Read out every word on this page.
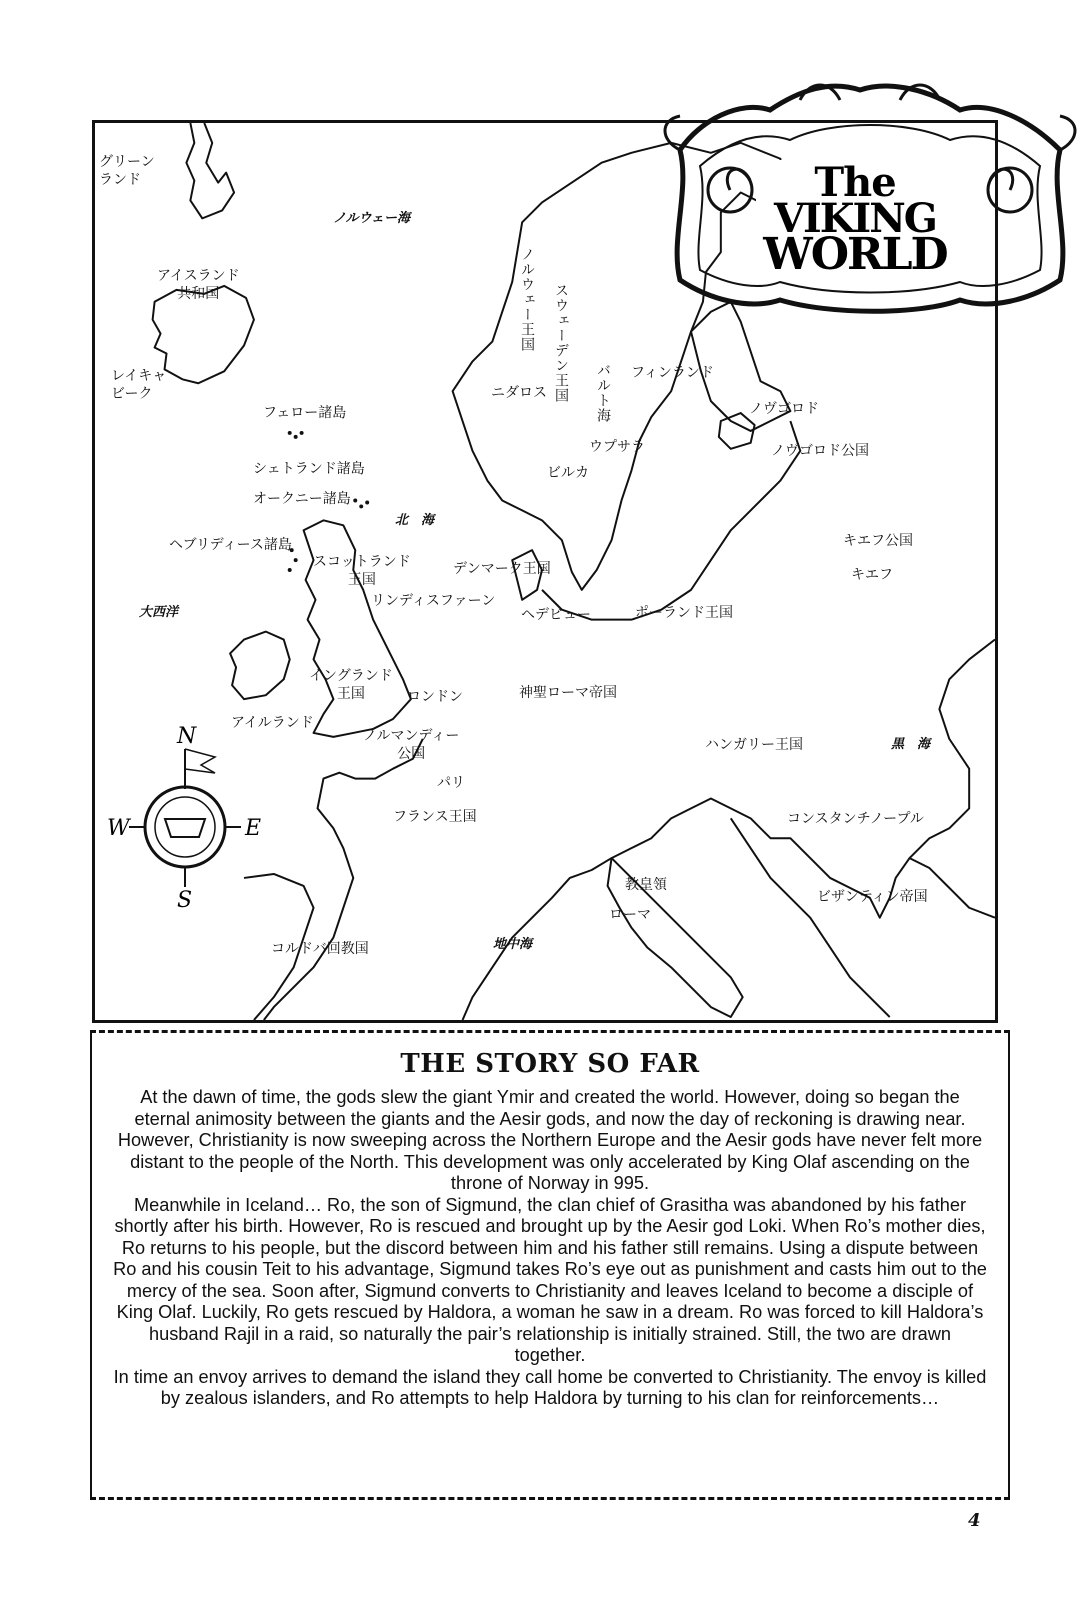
グリーン
ランド
ノルウェー海
アイスランド
共和国
レイキャ
ビーク
フェロー諸島
シェトランド諸島
オークニー諸島
ヘブリディース諸島
北　海
大西洋
スコットランド
王国
リンディスファーン
デンマーク王国
ヘデビュー	ポーランド王国
ノルウェー王国 スウェーデン王国 バルト海
ニダロス
ウプサラ
ビルカ
フィンランド
ノヴゴロド
ノヴゴロド公国
キエフ公国
キエフ
イングランド
王国	ロンドン
アイルランド
ノルマンディー
公国
パリ
神聖ローマ帝国
ハンガリー王国	黒　海
フランス王国	コンスタンチノープル
教皇領
ローマ
ビザンティン帝国
コルドバ回教国	地中海
N
S
W	E
The
VIKING
WORLD
THE STORY SO FAR

At the dawn of time, the gods slew the giant Ymir and created the world. However, doing so began the eternal animosity between the giants and the Aesir gods, and now the day of reckoning is drawing near.

However, Christianity is now sweeping across the Northern Europe and the Aesir gods have never felt more distant to the people of the North. This development was only accelerated by King Olaf ascending on the throne of Norway in 995.

Meanwhile in Iceland… Ro, the son of Sigmund, the clan chief of Grasitha was abandoned by his father shortly after his birth. However, Ro is rescued and brought up by the Aesir god Loki. When Ro’s mother dies, Ro returns to his people, but the discord between him and his father still remains. Using a dispute between Ro and his cousin Teit to his advantage, Sigmund takes Ro’s eye out as punishment and casts him out to the mercy of the sea. Soon after, Sigmund converts to Christianity and leaves Iceland to become a disciple of King Olaf. Luckily, Ro gets rescued by Haldora, a woman he saw in a dream. Ro was forced to kill Haldora’s husband Rajil in a raid, so naturally the pair’s relationship is initially strained. Still, the two are drawn together.

In time an envoy arrives to demand the island they call home be converted to Christianity. The envoy is killed by zealous islanders, and Ro attempts to help Haldora by turning to his clan for reinforcements…

4
